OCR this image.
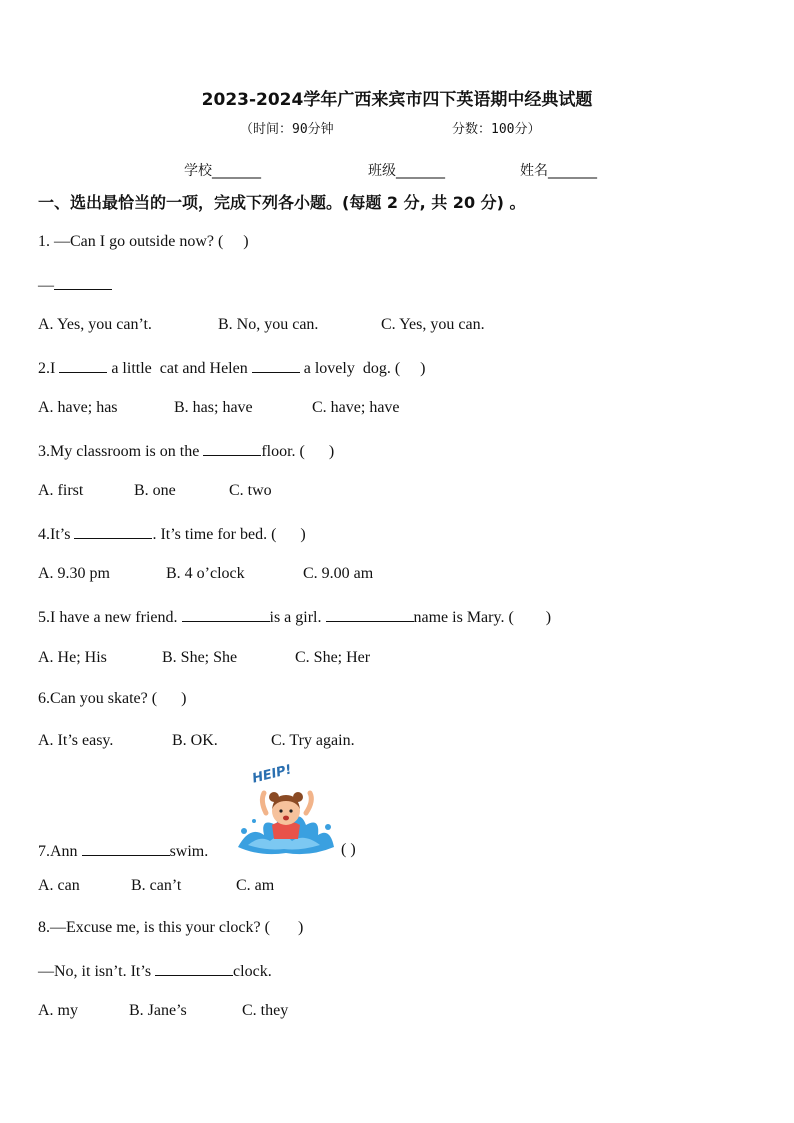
2023-2024学年广西来宾市四下英语期中经典试题
（时间：90分钟	分数：100分）
学校_______	班级_______	姓名_______
一、选出最恰当的一项，完成下列各小题。(每题 2 分, 共 20 分) 。
1. —Can I go outside now? (     )
—
A. Yes, you can’t.	B. No, you can.	C. Yes, you can.
2.I	a little  cat and Helen	a lovely  dog. (     )
A. have; has	B. has; have	C. have; have
3.My classroom is on the	floor. (      )
A. first	B. one	C. two
4.It’s	. It’s time for bed. (      )
A. 9.30 pm	B. 4 o’clock	C. 9.00 am
5.I have a new friend.	is a girl.	name is Mary. (        )
A. He; His	B. She; She	C. She; Her
6.Can you skate? (      )
A. It’s easy.	B. OK.	C. Try again.
HEIP!
7.Ann	swim.	( )
A. can	B. can’t	C. am
8.—Excuse me, is this your clock? (       )
—No, it isn’t. It’s	clock.
A. my	B. Jane’s	C. they
